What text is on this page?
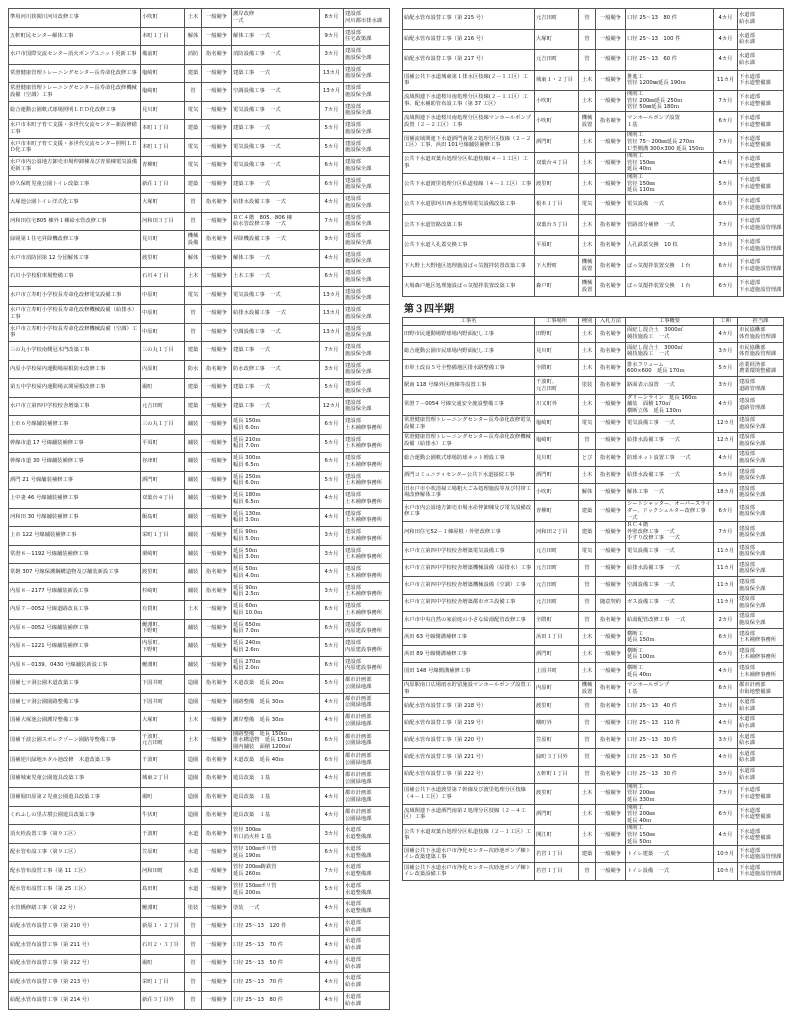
準用河川狭間川河川改修工事	小吹町	土木	一般競争	護岸改修
一式	8カ月	建設部
河川都市排水課
五軒町民センター解体工事	本町１丁目	解体	一般競争	解体工事　一式	9カ月	建設部
住宅政策課
水戸市国際交流センター消火ポンプユニット更新工事	備前町	消防	指名競争	消防設備工事　一式	3カ月	建設部
施設保全課
常澄健康管理トレーニングセンター長寿命化改修工事	塩崎町	建築	一般競争	建築工事　一式	13カ月	建設部
施設保全課
常澄健康管理トレーニングセンター長寿命化改修機械設備（空調）工事	塩崎町	管	一般競争	空調設備工事　一式	13カ月	建設部
施設保全課
総合運動公園軟式球場照明ＬＥＤ化改修工事	見川町	電気	一般競争	電気設備工事　一式	7カ月	建設部
施設保全課
水戸市本町子育て支援・多世代交流センター新設修繕工事	本町１丁目	建築	一般競争	建築工事　一式	5カ月	建設部
施設保全課
水戸市本町子育て支援・多世代交流センター照明ＬＥＤ化工事	本町１丁目	電気	一般競争	電気設備工事　一式	5カ月	建設部
施設保全課
水戸市内公設地方卸売市場仲卸棟及び青果棟電気設備更新工事	青柳町	電気	一般競争	電気設備工事　一式	6カ月	建設部
施設保全課
砂久保町児童公園トイレ改築工事	新荘１丁目	建築	一般競争	建築工事　一式	6カ月	建設部
施設保全課
大塚池公園トイレ洋式化工事	大塚町	管	指名競争	給排水設備工事　一式	4カ月	建設部
施設保全課
河和田住宅805 棟外１棟給水管改修工事	河和田３丁目	管	一般競争	ＲＣ４階　805、806 棟
給水管改修工事　一式	7カ月	建設部
施設保全課
緑岡第１住宅昇降機改修工事	見川町	機械設備	指名競争	昇降機設備工事　一式	9カ月	建設部
施設保全課
水戸市消防団第 12 分団解体工事	渡里町	解体	一般競争	解体工事　一式	4カ月	建設部
施設保全課
石川小学校駐車場整備工事	石川４丁目	土木	一般競争	土木工事　一式	6カ月	建設部
施設保全課
水戸市立寿町小学校長寿命化改修電気設備工事	中原町	電気	一般競争	電気設備工事　一式	13カ月	建設部
施設保全課
水戸市立寿町小学校長寿命化改修機械設備（給排水）工事	中原町	管	一般競争	給排水設備工事　一式	13カ月	建設部
施設保全課
水戸市立寿町小学校長寿命化改修機械設備（空調）工事	中原町	管	一般競争	空調設備工事　一式	13カ月	建設部
施設保全課
三の丸小学校南側冠木門改築工事	三の丸１丁目	建築	一般競争	建築工事　一式	7カ月	建設部
施設保全課
内原小学校屋内運動場屋根防水改修工事	内原町	防水	指名競争	防水改修工事　一式	3カ月	建設部
施設保全課
第五中学校屋内運動場玄関屋根改修工事	堀町	建築	一般競争	建築工事　一式	5カ月	建設部
施設保全課
水戸市立第四中学校校舎増築工事	元吉田町	建築	一般競争	建築工事　一式	12カ月	建設部
施設保全課
上市６号線舗装補修工事	三の丸１丁目	舗装	一般競争	延長 150ｍ
幅員 6.0ｍ	6カ月	建設部
土木補修事務所
幹線市道 17 号線舗装補修工事	平須町	舗装	一般競争	延長 210ｍ
幅員 7.0ｍ	5カ月	建設部
土木補修事務所
幹線市道 30 号線舗装補修工事	谷津町	舗装	一般競争	延長 300ｍ
幅員 6.5ｍ	6カ月	建設部
土木補修事務所
酒門 21 号線舗装補修工事	酒門町	舗装	一般競争	延長 250ｍ
幅員 6.0ｍ	5カ月	建設部
土木補修事務所
上中妻 46 号線舗装補修工事	双葉台４丁目	舗装	一般競争	延長 180ｍ
幅員 6.5ｍ	4カ月	建設部
土木補修事務所
河和田 30 号線舗装補修工事	飯島町	舗装	一般競争	延長 130ｍ
幅員 3.0ｍ	4カ月	建設部
土木補修事務所
上市 122 号線舗装補修工事	栄町１丁目	舗装	一般競争	延長 90ｍ
幅員 5.0ｍ	3カ月	建設部
土木補修事務所
常澄８－1192 号線舗装補修工事	栗崎町	舗装	一般競争	延長 50ｍ
幅員 3.0ｍ	3カ月	建設部
土木補修事務所
常磐 307 号線保護鋼構造物及び舗装新設工事	渡里町	舗装	指名競争	延長 50ｍ
幅員 4.0ｍ	4カ月	建設部
土木補修事務所
内原８－2177 号線舗装新設工事	杉崎町	舗装	指名競争	延長 90ｍ
幅員 2.5ｍ	3カ月	建設部
土木補修事務所
内原７－0052 号線道路改良工事	有賀町	土木	一般競争	延長 60ｍ
幅員 10.0ｍ	6カ月	建設部
土木補修事務所
内原８－0052 号線舗装補修工事	鯉淵町、
下野町	舗装	一般競争	延長 650ｍ
幅員 7.0ｍ	6カ月	建設部
内原建設事務所
内原８－1221 号線舗装補修工事	内原町、
下野町	舗装	一般競争	延長 240ｍ
幅員 2.6ｍ	5カ月	建設部
内原建設事務所
内原８－0139、0430 号線舗装新設工事	鯉淵町	舗装	一般競争	延長 270ｍ
幅員 2.0ｍ	6カ月	建設部
内原建設事務所
国補七ツ洞公園木道改築工事	下国井町	造園	指名競争	木道改築　延長 20ｍ	5カ月	都市計画部
公園緑地課
国補七ツ洞公園園路整備工事	下国井町	造園	一般競争	園路整備　延長 30ｍ	4カ月	都市計画部
公園緑地課
国補大塚池公園護岸整備工事	大塚町	土木	一般競争	護岸整備　延長 30ｍ	4カ月	都市計画部
公園緑地課
国補千波公園スポレクゾーン園路等整備工事	千波町、
元吉田町	土木	一般競争	園路整備　延長 150ｍ
排水構造物　延長 150ｍ
園内舗装　面積 1200㎡	6カ月	都市計画部
公園緑地課
国補逆川緑地ホタル池改修　木道改築工事	千波町	造園	指名競争	木道改築　延長 40ｍ	6カ月	都市計画部
公園緑地課
国補城東児童公園遊具改築工事	城東２丁目	造園	指名競争	遊具改築　１基	4カ月	都市計画部
公園緑地課
国補堀田原第２児童公園遊具改築工事	堀町	造園	指名競争	遊具改築　１基	4カ月	都市計画部
公園緑地課
くれふしの里古墳公園遊具改築工事	牛伏町	造園	指名競争	遊具改築　１基	4カ月	都市計画部
公園緑地課
消火栓設置工事（第９工区）	千波町	水道	指名競争	管径 300㎜
単口消火栓 1 基	3カ月	水道部
水道整備課
配水管布設工事（第９工区）	笠原町	水道	一般競争	管径 100㎜ポリ管
延長 190ｍ	6カ月	水道部
水道整備課
配水管布設替工事（第 11 工区）	河和田町	水道	一般競争	管径 200㎜鋳鉄管
延長 260ｍ	7カ月	水道部
水道整備課
配水管布設替工事（第 25 工区）	島田町	水道	一般競争	管径 150㎜ポリ管
延長 200ｍ	5カ月	水道部
水道整備課
水管橋修繕工事（第 22 号）	鯉淵町	塗装	一般競争	塗装　一式	4カ月	水道部
水道整備課
給配水管布設替工事（第 210 号）	新原１・２丁目	管	一般競争	口径 25～13　120 件	4カ月	水道部
給水課
給配水管布設替工事（第 211 号）	石川２・３丁目	管	一般競争	口径 25～13　70 件	4カ月	水道部
給水課
給配水管布設替工事（第 212 号）	堀町	管	一般競争	口径 25～13　50 件	4カ月	水道部
給水課
給配水管布設替工事（第 213 号）	栄町１丁目	管	一般競争	口径 25～13　70 件	4カ月	水道部
給水課
給配水管布設替工事（第 214 号）	新荘３丁目外	管	一般競争	口径 25～13　80 件	4カ月	水道部
給水課
給配水管布設替工事（第 215 号）	元吉田町	管	一般競争	口径 25～13　80 件	4カ月	水道部
給水課
給配水管布設替工事（第 216 号）	大塚町	管	一般競争	口径 25～13　100 件	4カ月	水道部
給水課
給配水管布設替工事（第 217 号）	元吉田町	管	一般競争	口径 25～13　60 件	4カ月	水道部
給水課
国補公共下水道城東第１排水区枝線(２－１工区）工事	城東１・２丁目	土木	一般競争	推進工
管径 1200㎜延長 190ｍ	11カ月	下水道部
下水道整備課
流域関連下水道桜川南処理分区枝線(２－１工区）工事、配水補助管布設工事（第 37 工区）	小吹町	土木	一般競争	開削工
管径 200㎜延長 250ｍ
管径 50㎜延長 180ｍ	7カ月	下水道部
下水道整備課
流域関連下水道桜川南処理分区枝線マンホールポンプ設置（２－２工区）工事	小吹町	機械設置	指名競争	マンホールポンプ設置
１基	6カ月	下水道部
下水道整備課
国補流域関連下水道酒門南第２処理分区枝線（２－２工区）工事、浜田 101号線舗装補修工事	酒門町	土木	一般競争	開削工
管径 75～200㎜延長 270ｍ
Ｕ型側溝 300×300 延長 150ｍ	7カ月	下水道部
下水道整備課
公共下水道双葉台処理分区私道枝線(４－１工区）工事	双葉台４丁目	土木	一般競争	開削工
管径 150㎜
延長 40ｍ	4カ月	下水道部
下水道整備課
公共下水道渡里処理分区私道枝線（４－１工区）工事	渡里町	土木	一般競争	開削工
管径 150㎜
延長 110ｍ	5カ月	下水道部
下水道整備課
公共下水道那珂川西水処理場電気設備改築工事	根本１丁目	電気	一般競争	電気設備　一式	6カ月	下水道部
下水道施設管理課
公共下水道管路改築工事	双葉台５丁目	土木	指名競争	管路部分補修　一式	7カ月	下水道部
下水道施設管理課
公共下水道人孔蓋交換工事	平須町	土木	指名競争	人孔鉄蓋交換　10 枚	3カ月	下水道部
下水道施設管理課
下大野上大野地区処理施設ばっ気撹拌装置改築工事	下大野町	機械設置	指名競争	ばっ気撹拌装置交換　１台	6カ月	下水道部
下水道施設管理課
大場森戸地区処理施設ばっ気撹拌装置改築工事	森戸町	機械設置	指名競争	ばっ気撹拌装置交換　１台	6カ月	下水道部
下水道施設管理課
第３四半期
工事名	工事場所	種別	入札方法	工事概要	工期	担当課
田野市民運動場野球場内野面紀し工事	田野町	土木	指名競争	面紀し混合土　3000㎡
競技施設工　一式	4カ月	市民協働部
体育施設管理課
総合運動公園市民球場内野面紀し工事	見川町	土木	指名競争	面紀し混合土　3000㎡
競技施設工　一式	3カ月	市民協働部
体育施設管理課
市単土改良５号全整備地区排水路整備工事	全隈町	土木	指名競争	排水フリューム
600×600　延長 170ｍ	5カ月	産業経済部
農業環境整備課
駅南 118 号線外区画線等設置工事	千波町、
元吉田町	塗装	指名競争	路面表示設置　一式	3カ月	建設部
道路管理課
常澄７－0054 号線交通安全施設整備工事	川又町外	土木	一般競争	グリーンライン　延長 160ｍ
舗装　面積 170㎡
横断立体　延長 130ｍ	4カ月	建設部
道路管理課
常澄健康管理トレーニングセンター長寿命化改修電気設備工事	塩崎町	電気	一般競争	電気設備工事　一式	12カ月	建設部
施設保全課
常澄健康管理トレーニングセンター長寿命化改修機械設備（給排水）工事	塩崎町	管	一般競争	給排水設備工事　一式	12カ月	建設部
施設保全課
総合運動公園軟式球場防球ネット増設工事	見川町	とび	指名競争	防球ネット設置工事　一式	4カ月	建設部
施設保全課
酒門コミュニティセンター公共下水道接続工事	酒門町	土木	指名競争	給排水設備工事　一式	5カ月	建設部
施設保全課
旧水戸市小吹清掃工場粗大ごみ処理施設等及び付帯工場改修解体工事	小吹町	解体	一般競争	解体工事　一式	18カ月	建設部
施設保全課
水戸市内公設地方卸売市場水産仲卸棟及び電気設備改修工事	青柳町	建築	一般競争	シートシャッター、オーバースライダー、ドックシェルター改修工事　一式	6カ月	建設部
施設保全課
河和田住宅52－１棟屋根・外壁改修工事	河和田２丁目	建築	一般競争	ＲＣ４階
外壁改修工事　一式
手すり改修工事　一式	7カ月	建設部
施設保全課
水戸市立第四中学校校舎増築電気設備工事	元吉田町	電気	一般競争	電気設備工事　一式	11カ月	建設部
施設保全課
水戸市立第四中学校校舎増築機械設備（給排水）工事	元吉田町	管	一般競争	給排水設備工事　一式	11カ月	建設部
施設保全課
水戸市立第四中学校校舎増築機械設備（空調）工事	元吉田町	管	一般競争	空調設備工事　一式	11カ月	建設部
施設保全課
水戸市立第四中学校校舎増築都市ガス設備工事	元吉田町	管	随意契約	ガス設備工事　一式	11カ月	建設部
施設保全課
水戸市中央自然の家前庭の小さな給湯配管改修工事	全隈町	管	指名競争	給湯配管改修工事　一式	2カ月	建設部
施設保全課
浜田 63 号線側溝補修工事	浜田１丁目	土木	一般競争	横断工
延長 150ｍ	6カ月	建設部
土木補修事務所
浜田 89 号線側溝補修工事	酒門町	土木	一般競争	横断工
延長 100ｍ	6カ月	建設部
土木補修事務所
国田 148 号線側溝補修工事	上国井町	土木	一般競争	横断工
延長 40ｍ	4カ月	建設部
土木補修事務所
内原駅南口広場雨水貯留施設マンホールポンプ設置工事	内原町	機械設置	指名競争	マンホールポンプ
１基	6カ月	都市計画部
市街地整備課
給配水管布設替工事（第 218 号）	渡里町	管	指名競争	口径 25～13　40 件	3カ月	水道部
給水課
給配水管布設替工事（第 219 号）	曙町外	管	一般競争	口径 25～13　110 件	4カ月	水道部
給水課
給配水管布設替工事（第 220 号）	笠原町	管	指名競争	口径 25～13　30 件	3カ月	水道部
給水課
給配水管布設替工事（第 221 号）	緑町３丁目外	管	一般競争	口径 25～13　50 件	4カ月	水道部
給水課
給配水管布設替工事（第 222 号）	五軒町１丁目	管	指名競争	口径 25～13　30 件	3カ月	水道部
給水課
国補公共下水道渡里第７幹線及び渡里処理分区枝線（４－１工区）工事	渡里町	土木	一般競争	開削工
管径 200㎜
延長 330ｍ	7カ月	下水道部
下水道整備課
流域関連下水道酒門南第２処理分区枝線（２－４工区）工事	酒門町	土木	一般競争	開削工
管径 200㎜
延長 40ｍ	6カ月	下水道部
下水道整備課
公共下水道双葉台処理分区私道枝線（２－１工区）工事	開江町	土木	一般競争	開削工
管径 150㎜
延長 50ｍ	4カ月	下水道部
下水道整備課
国補公共下水道水戸市浄化センター次砂池ポンプ棟トイレ改築建築工事	若宮１丁目	建築	一般競争	トイレ建築　一式	10カ月	下水道部
下水道施設管理課
国補公共下水道水戸市浄化センター次砂池ポンプ棟トイレ改築設備工事	若宮１丁目	管	一般競争	トイレ設備　一式	10カ月	下水道部
下水道施設管理課
